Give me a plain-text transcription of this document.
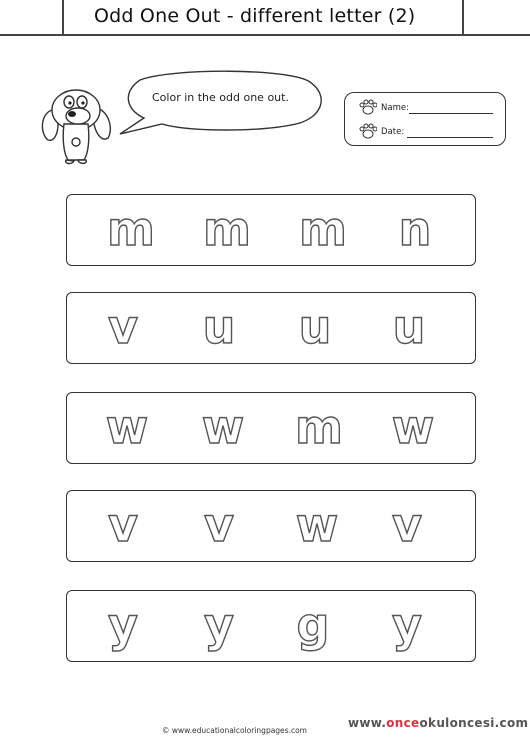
Odd One Out - different letter (2)
Color in the odd one out.
Name:
Date:
m	m	m	n
v	u	u	u
w	w	m	w
v	v	w	v
y	y	g	y
© www.educationalcoloringpages.com
www.onceokuloncesi.com
